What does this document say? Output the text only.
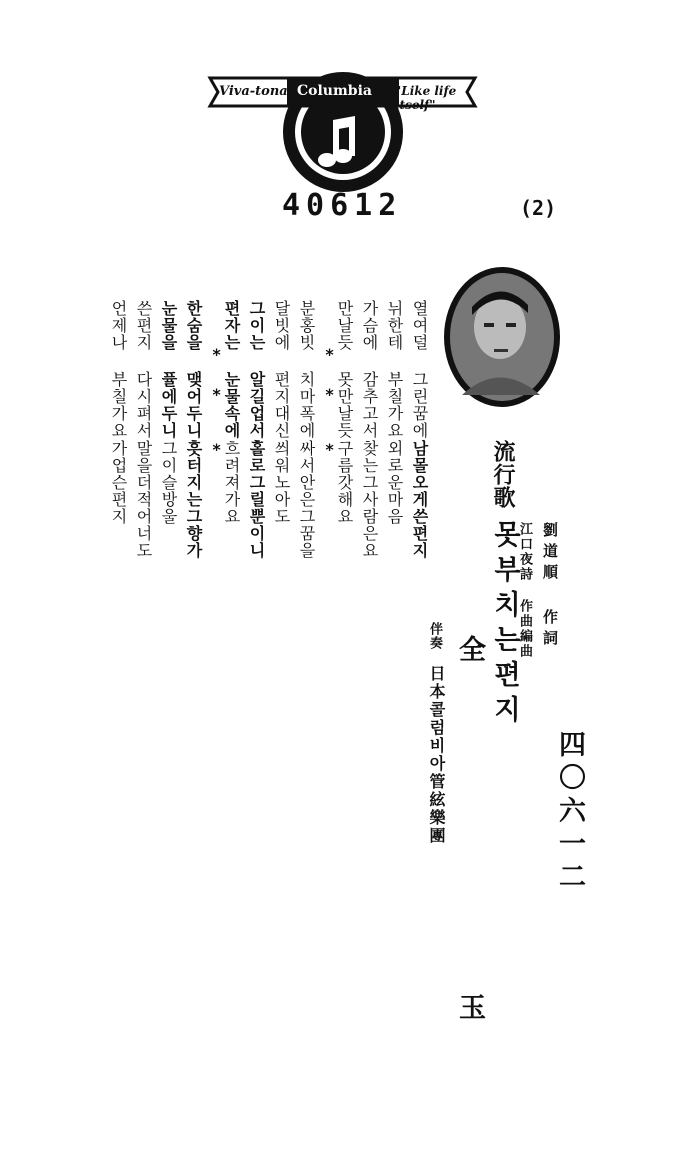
Viva-tonal Columbia "Like life itself"
40612	(2)
流行歌
劉道順 作詞
江口夜詩 作曲編曲
못부치는편지
全 玉
伴奏
日本콜럼비아管絃樂團	四〇六一二
열여덜 그린꿈에
뉘한테 부칠가요
가슴에 감추고서
만날듯 못만날듯
* *
분홍빗 치마폭에
달빗에 편지대신
그이는 알길업서
편자는 눈물속에
* *
한숨을 맺어두니
눈물을 퓰에두니
쓴편지 다시펴서
언제나 부칠가요
남몰오게쓴편지
외로운마음
찾는그사람은요
구름갓해요
*
싸서안은그꿈을
씌워노아도
홀로그릴뿐이니
흐려져가요
*
흣터지는그향가
그이슬방울
말을더적어너도
가업슨편지
